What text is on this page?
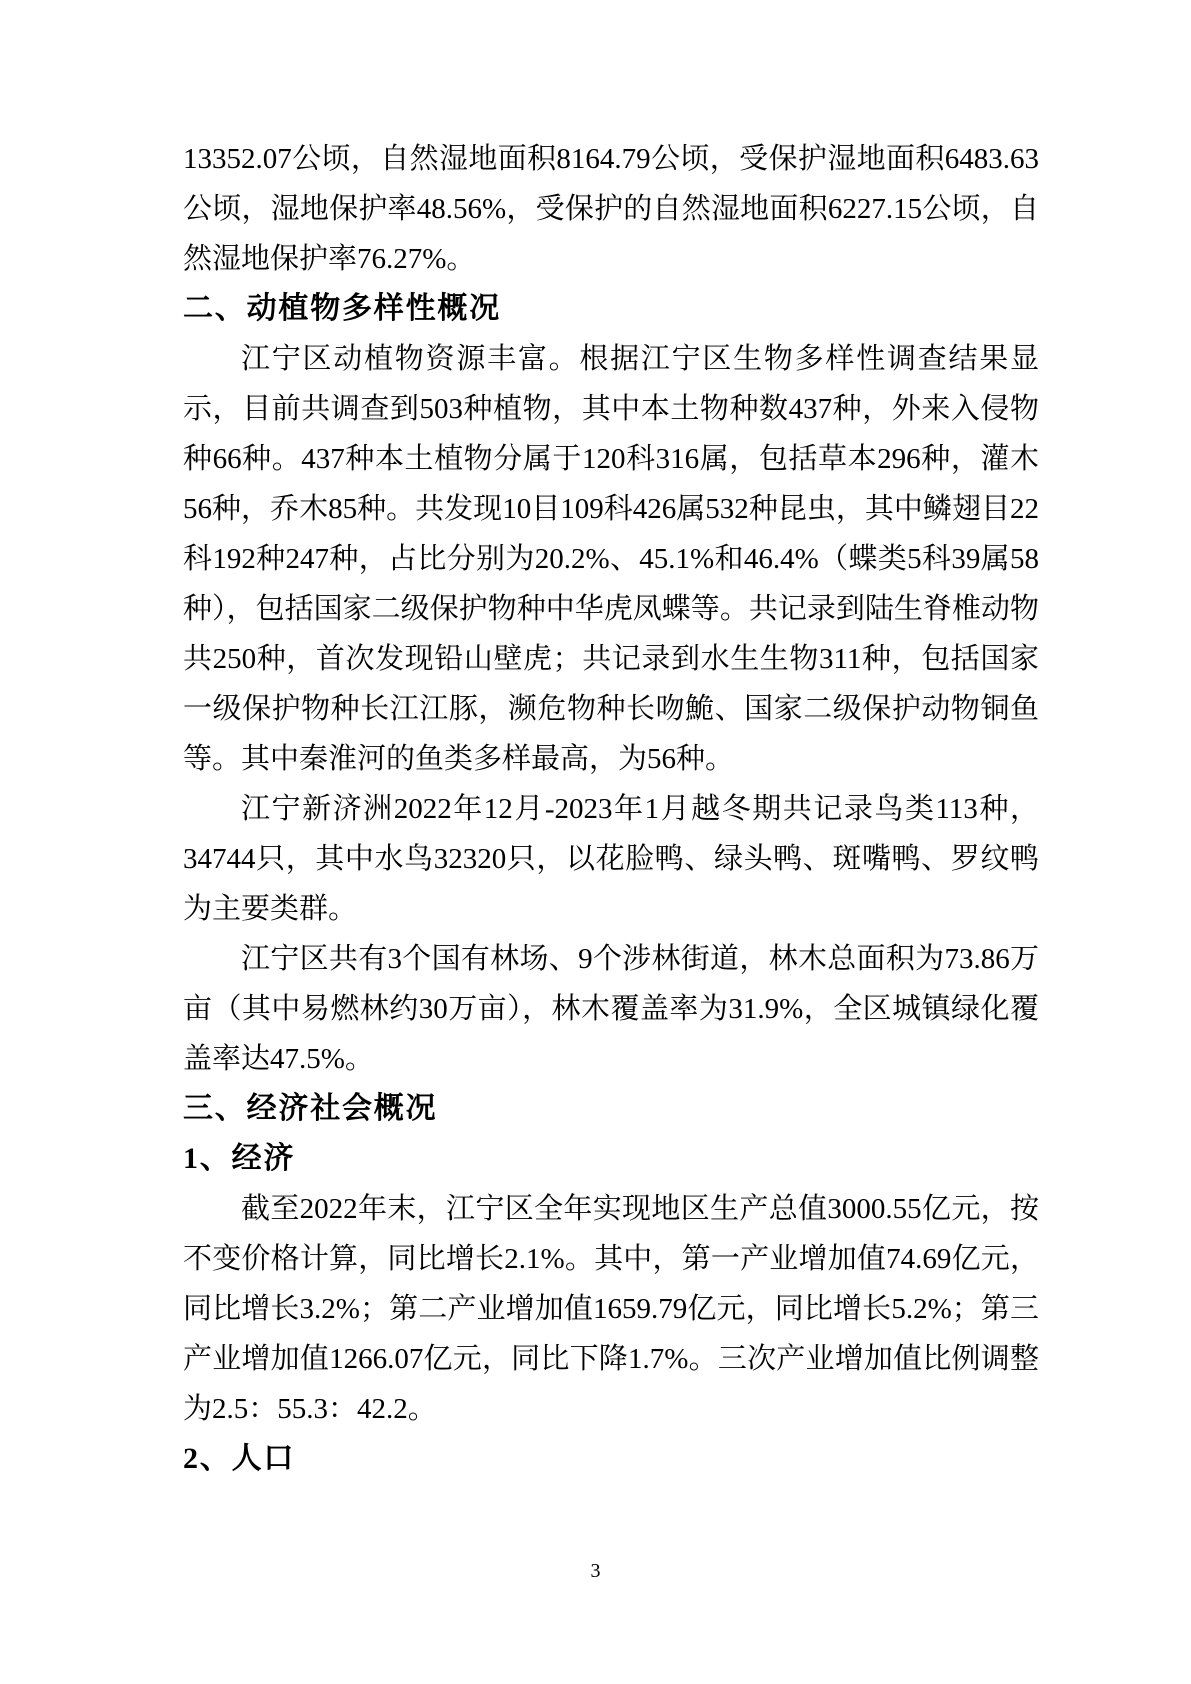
13352.07公顷，自然湿地面积8164.79公顷，受保护湿地面积6483.63公顷，湿地保护率48.56%，受保护的自然湿地面积6227.15公顷，自然湿地保护率76.27%。

二、动植物多样性概况

江宁区动植物资源丰富。根据江宁区生物多样性调查结果显示，目前共调查到503种植物，其中本土物种数437种，外来入侵物种66种。437种本土植物分属于120科316属，包括草本296种，灌木56种，乔木85种。共发现10目109科426属532种昆虫，其中鳞翅目22科192种247种，占比分别为20.2%、45.1%和46.4%（蝶类5科39属58种），包括国家二级保护物种中华虎凤蝶等。共记录到陆生脊椎动物共250种，首次发现铅山壁虎；共记录到水生生物311种，包括国家一级保护物种长江江豚，濒危物种长吻鮠、国家二级保护动物铜鱼等。其中秦淮河的鱼类多样最高，为56种。

江宁新济洲2022年12月-2023年1月越冬期共记录鸟类113种，34744只，其中水鸟32320只，以花脸鸭、绿头鸭、斑嘴鸭、罗纹鸭为主要类群。

江宁区共有3个国有林场、9个涉林街道，林木总面积为73.86万亩（其中易燃林约30万亩），林木覆盖率为31.9%，全区城镇绿化覆盖率达47.5%。

三、经济社会概况
1、经济

截至2022年末，江宁区全年实现地区生产总值3000.55亿元，按不变价格计算，同比增长2.1%。其中，第一产业增加值74.69亿元，同比增长3.2%；第二产业增加值1659.79亿元，同比增长5.2%；第三产业增加值1266.07亿元，同比下降1.7%。三次产业增加值比例调整为2.5：55.3：42.2。

2、人口
3
